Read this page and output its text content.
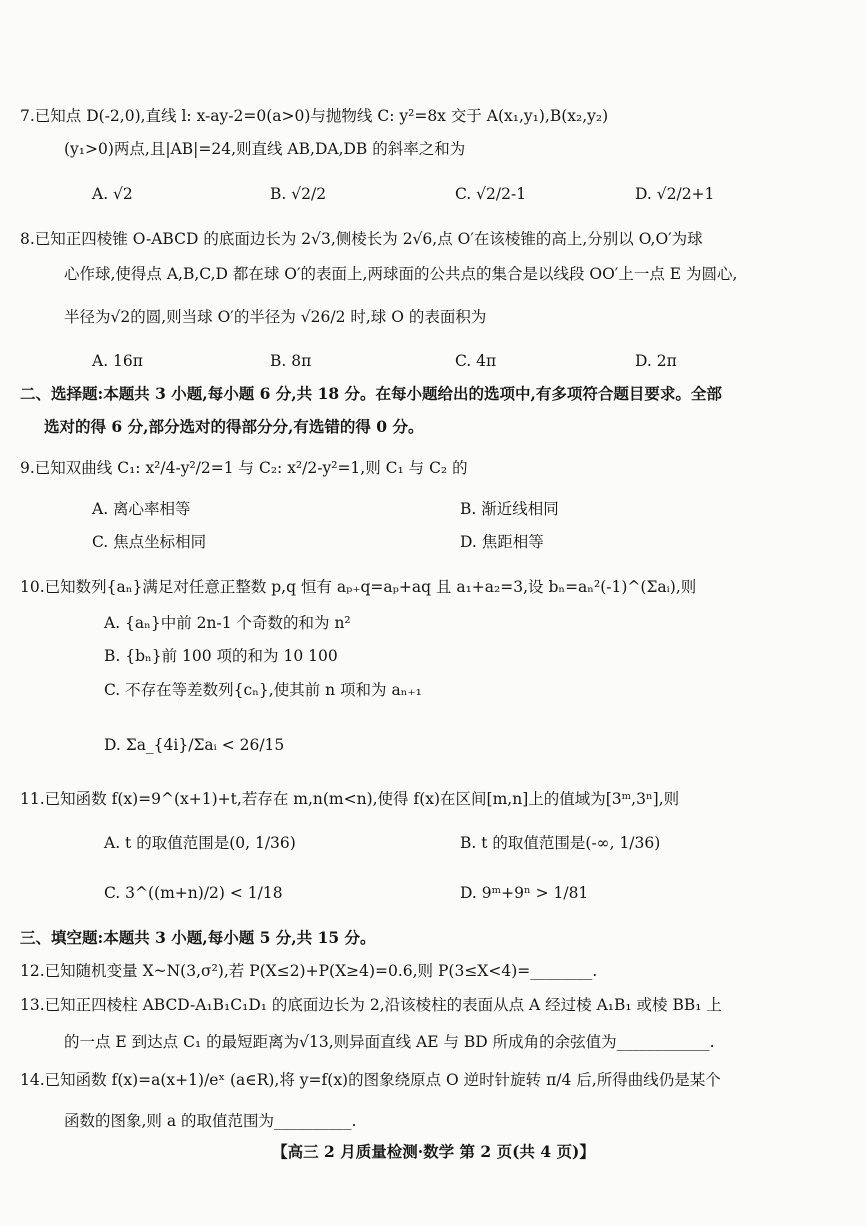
7.已知点 D(-2,0),直线 l: x-ay-2=0(a>0)与抛物线 C: y²=8x 交于 A(x₁,y₁),B(x₂,y₂)
(y₁>0)两点,且|AB|=24,则直线 AB,DA,DB 的斜率之和为
A. √2	B. √2/2	C. √2/2-1	D. √2/2+1
8.已知正四棱锥 O-ABCD 的底面边长为 2√3,侧棱长为 2√6,点 O′在该棱锥的高上,分别以 O,O′为球
心作球,使得点 A,B,C,D 都在球 O′的表面上,两球面的公共点的集合是以线段 OO′上一点 E 为圆心,
半径为√2的圆,则当球 O′的半径为 √26/2 时,球 O 的表面积为
A. 16π	B. 8π	C. 4π	D. 2π
二、选择题:本题共 3 小题,每小题 6 分,共 18 分。在每小题给出的选项中,有多项符合题目要求。全部
选对的得 6 分,部分选对的得部分分,有选错的得 0 分。
9.已知双曲线 C₁: x²/4-y²/2=1 与 C₂: x²/2-y²=1,则 C₁ 与 C₂ 的
A. 离心率相等	B. 渐近线相同
C. 焦点坐标相同	D. 焦距相等
10.已知数列{aₙ}满足对任意正整数 p,q 恒有 aₚ₊q=aₚ+aq 且 a₁+a₂=3,设 bₙ=aₙ²(-1)^(Σaᵢ),则
A. {aₙ}中前 2n-1 个奇数的和为 n²
B. {bₙ}前 100 项的和为 10 100
C. 不存在等差数列{cₙ},使其前 n 项和为 aₙ₊₁
D. Σa_{4i}/Σaᵢ < 26/15
11.已知函数 f(x)=9^(x+1)+t,若存在 m,n(m<n),使得 f(x)在区间[m,n]上的值域为[3ᵐ,3ⁿ],则
A. t 的取值范围是(0, 1/36)	B. t 的取值范围是(-∞, 1/36)
C. 3^((m+n)/2) < 1/18	D. 9ᵐ+9ⁿ > 1/81
三、填空题:本题共 3 小题,每小题 5 分,共 15 分。
12.已知随机变量 X~N(3,σ²),若 P(X≤2)+P(X≥4)=0.6,则 P(3≤X<4)=________.
13.已知正四棱柱 ABCD-A₁B₁C₁D₁ 的底面边长为 2,沿该棱柱的表面从点 A 经过棱 A₁B₁ 或棱 BB₁ 上
的一点 E 到达点 C₁ 的最短距离为√13,则异面直线 AE 与 BD 所成角的余弦值为____________.
14.已知函数 f(x)=a(x+1)/eˣ (a∈R),将 y=f(x)的图象绕原点 O 逆时针旋转 π/4 后,所得曲线仍是某个
函数的图象,则 a 的取值范围为__________.
【高三 2 月质量检测·数学 第 2 页(共 4 页)】
